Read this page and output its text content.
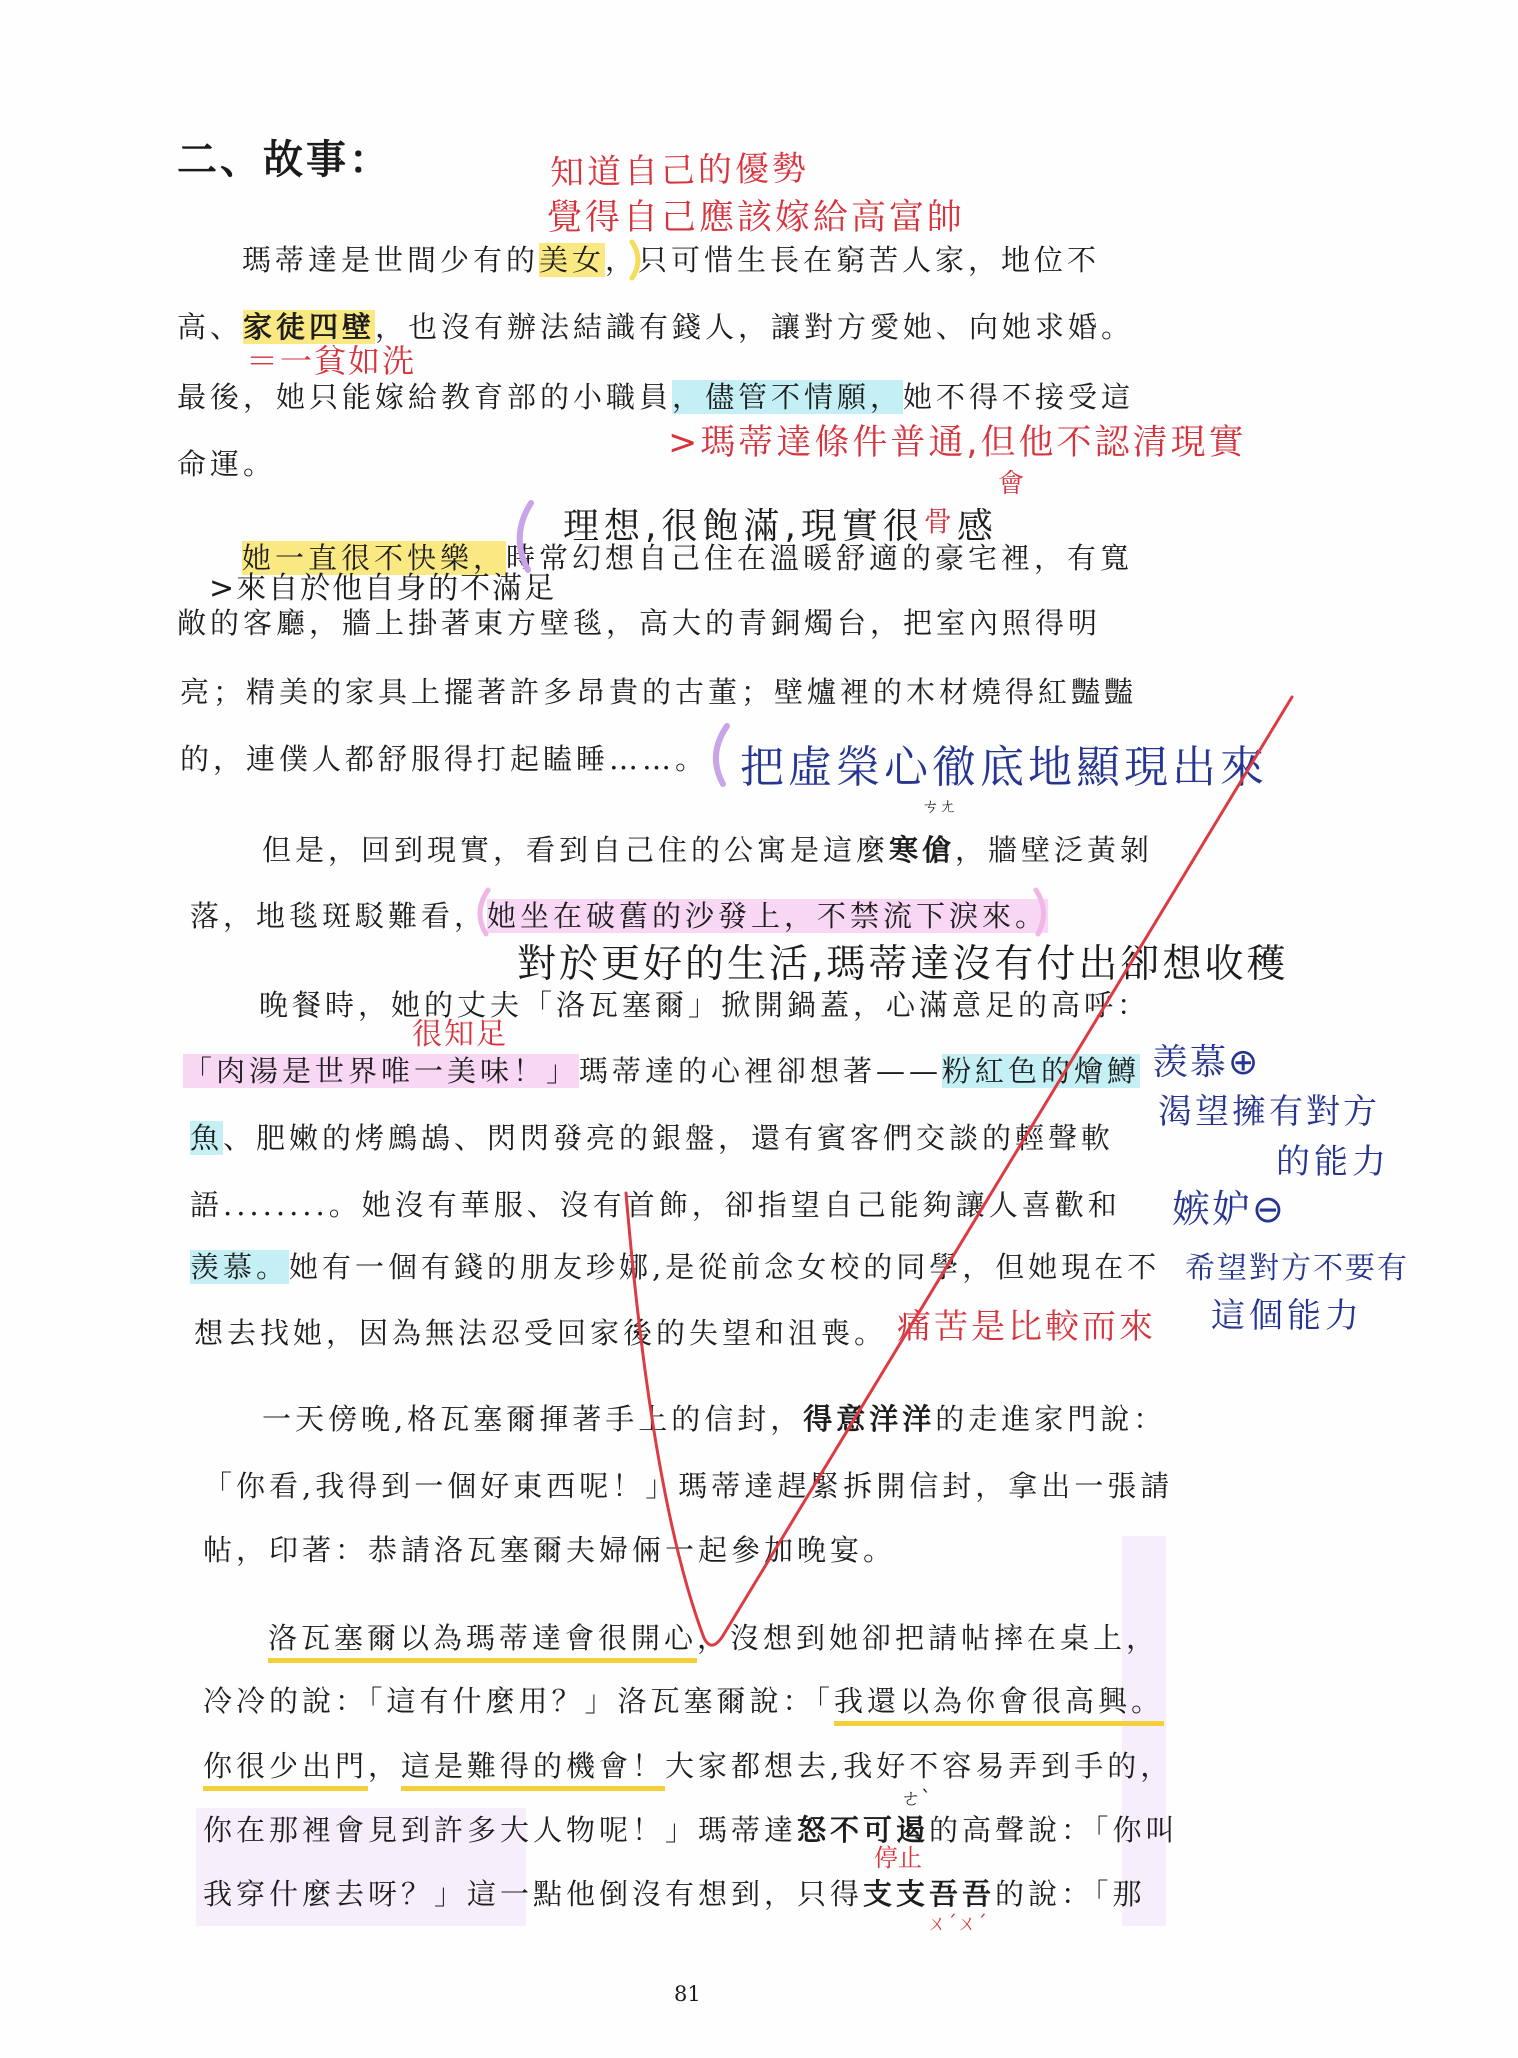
二、故事：
瑪蒂達是世間少有的美女，只可惜生長在窮苦人家，地位不
高、家徒四壁，也沒有辦法結識有錢人，讓對方愛她、向她求婚。
最後，她只能嫁給教育部的小職員，儘管不情願，她不得不接受這
命運。
她一直很不快樂，時常幻想自己住在溫暖舒適的豪宅裡，有寬
敞的客廳，牆上掛著東方壁毯，高大的青銅燭台，把室內照得明
亮；精美的家具上擺著許多昂貴的古董；壁爐裡的木材燒得紅豔豔
的，連僕人都舒服得打起瞌睡……。
但是，回到現實，看到自己住的公寓是這麼寒傖，牆壁泛黃剝
落，地毯斑駁難看，她坐在破舊的沙發上，不禁流下淚來。
晚餐時，她的丈夫「洛瓦塞爾」掀開鍋蓋，心滿意足的高呼：
「肉湯是世界唯一美味！」瑪蒂達的心裡卻想著——粉紅色的燴鱒
魚、肥嫩的烤鷓鴣、閃閃發亮的銀盤，還有賓客們交談的輕聲軟
語........。她沒有華服、沒有首飾，卻指望自己能夠讓人喜歡和
羡慕。她有一個有錢的朋友珍娜,是從前念女校的同學，但她現在不
想去找她，因為無法忍受回家後的失望和沮喪。
一天傍晚,格瓦塞爾揮著手上的信封，得意洋洋的走進家門說：
「你看,我得到一個好東西呢！」瑪蒂達趕緊拆開信封，拿出一張請
帖，印著：恭請洛瓦塞爾夫婦倆一起參加晚宴。
洛瓦塞爾以為瑪蒂達會很開心，沒想到她卻把請帖摔在桌上，
冷冷的說：「這有什麼用？」洛瓦塞爾說：「我還以為你會很高興。
你很少出門，這是難得的機會！大家都想去,我好不容易弄到手的，
你在那裡會見到許多大人物呢！」瑪蒂達怒不可遏的高聲說：「你叫
我穿什麼去呀？」這一點他倒沒有想到，只得支支吾吾的說：「那
81
知道自己的優勢
覺得自己應該嫁給高富帥
＝一貧如洗
>瑪蒂達條件普通,但他不認清現實
會
理想,很飽滿,現實很$^骨$感
>來自於他自身的不滿足
把虛榮心徹底地顯現出來
ㄘㄤ
對於更好的生活,瑪蒂達沒有付出卻想收穫
很知足
羡慕⊕
渴望擁有對方
的能力
嫉妒⊖
希望對方不要有
這個能力
痛苦是比較而來
ㄜˋ
停止
ㄨˊㄨˊ
